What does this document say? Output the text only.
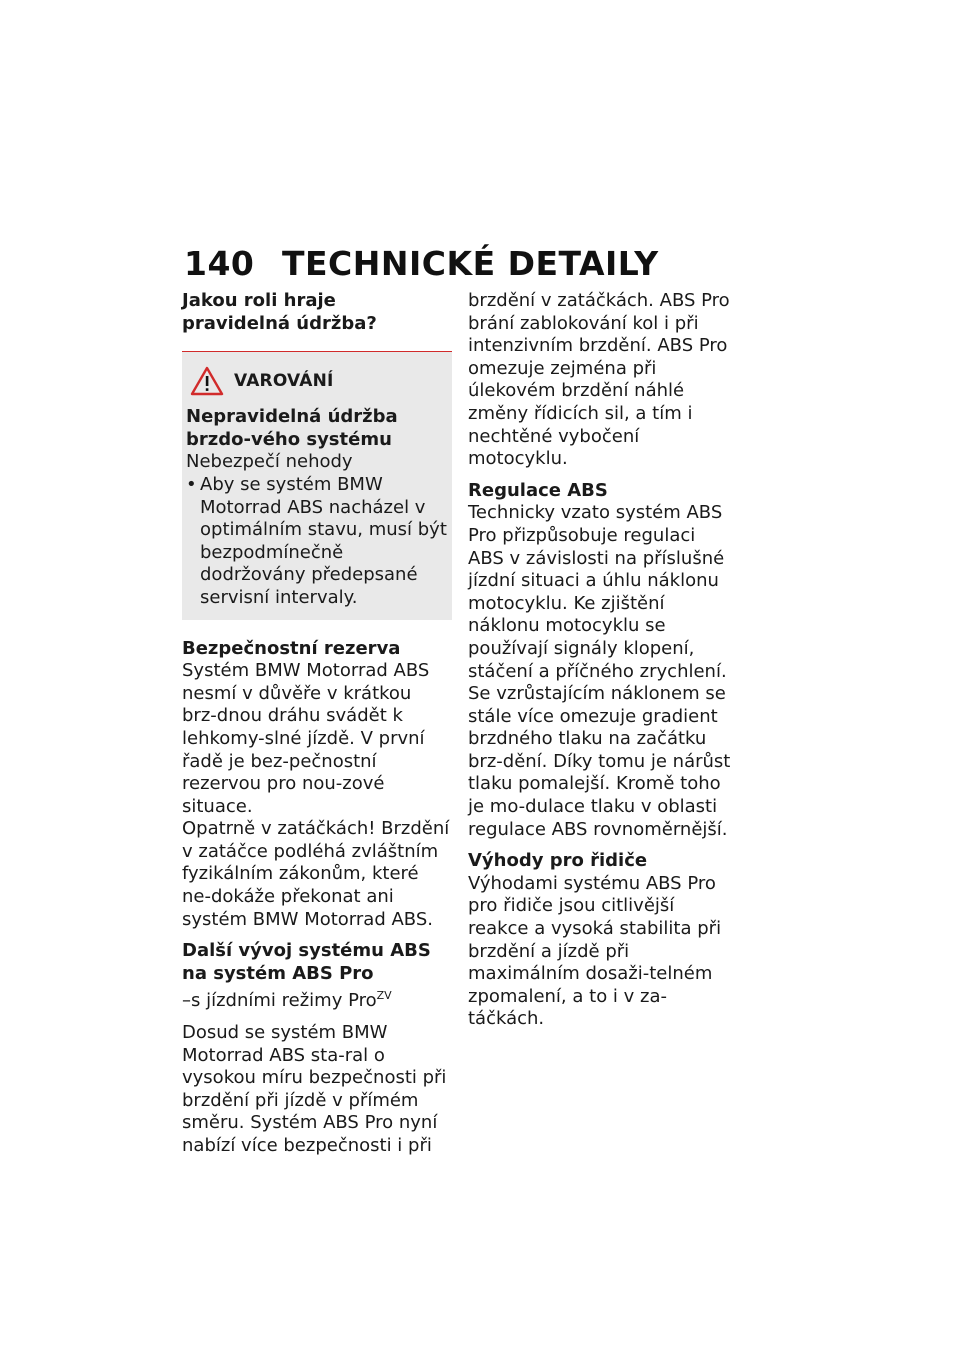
140 TECHNICKÉ DETAILY

Jakou roli hraje pravidelná údržba?

VAROVÁNÍ

Nepravidelná údržba brzdo-vého systému

Nebezpečí nehody

• Aby se systém BMW Motorrad ABS nacházel v optimálním stavu, musí být bezpodmínečně dodržovány předepsané servisní intervaly.

Bezpečnostní rezerva

Systém BMW Motorrad ABS nesmí v důvěře v krátkou brz-dnou dráhu svádět k lehkomy-slné jízdě. V první řadě je bez-pečnostní rezervou pro nou-zové situace.

Opatrně v zatáčkách! Brzdění v zatáčce podléhá zvláštním fyzikálním zákonům, které ne-dokáže překonat ani systém BMW Motorrad ABS.

Další vývoj systému ABS na systém ABS Pro

–s jízdními režimy Pro$^{ZV}$

Dosud se systém BMW Motorrad ABS sta-ral o vysokou míru bezpečnosti při brzdění při jízdě v přímém směru. Systém ABS Pro nyní nabízí více bezpečnosti i při

brzdění v zatáčkách. ABS Pro brání zablokování kol i při intenzivním brzdění. ABS Pro omezuje zejména při úlekovém brzdění náhlé změny řídicích sil, a tím i nechtěné vybočení motocyklu.

Regulace ABS

Technicky vzato systém ABS Pro přizpůsobuje regulaci ABS v závislosti na příslušné jízdní situaci a úhlu náklonu motocyklu. Ke zjištění náklonu motocyklu se používají signály klopení, stáčení a příčného zrychlení.

Se vzrůstajícím náklonem se stále více omezuje gradient brzdného tlaku na začátku brz-dění. Díky tomu je nárůst tlaku pomalejší. Kromě toho je mo-dulace tlaku v oblasti regulace ABS rovnoměrnější.

Výhody pro řidiče

Výhodami systému ABS Pro pro řidiče jsou citlivější reakce a vysoká stabilita při brzdění a jízdě při maximálním dosaži-telném zpomalení, a to i v za-táčkách.
